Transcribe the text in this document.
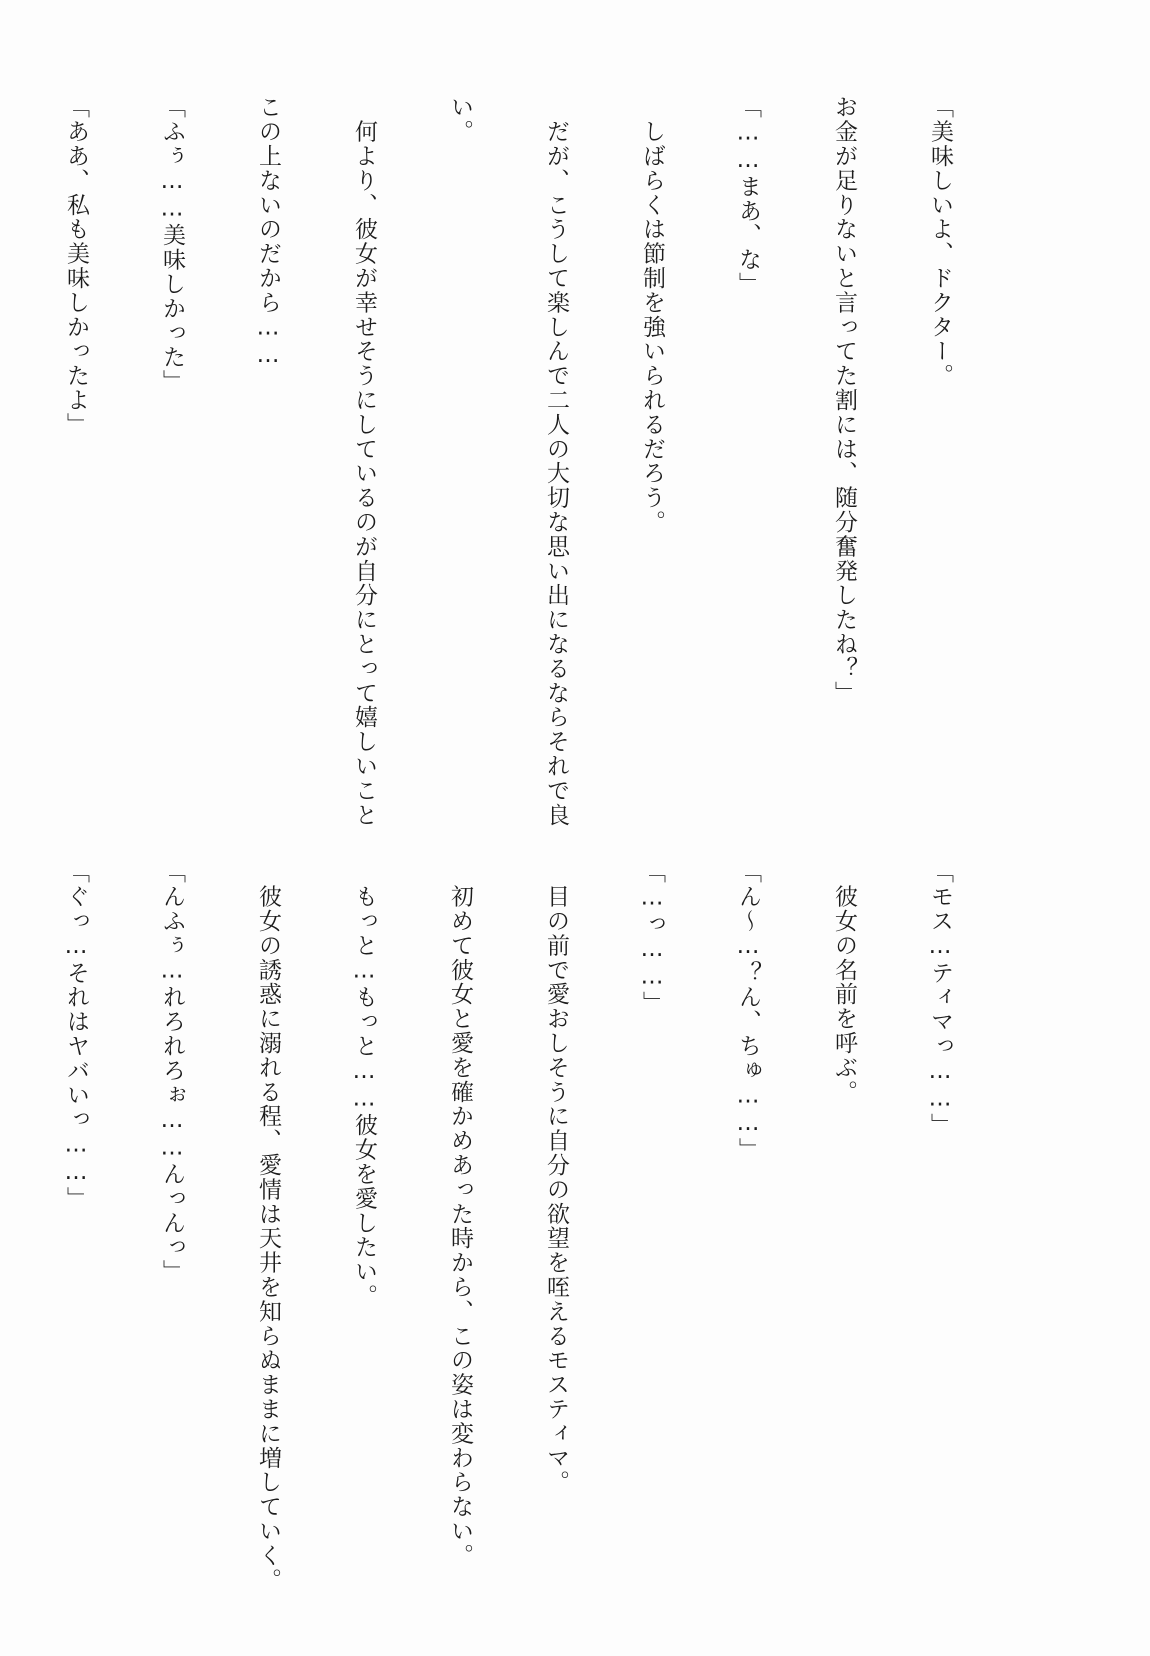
「美味しいよ、ドクター。

お金が足りないと言ってた割には、随分奮発したね？」

「……まあ、な」

　しばらくは節制を強いられるだろう。

　だが、こうして楽しんで二人の大切な思い出になるならそれで良

い。

　何より、彼女が幸せそうにしているのが自分にとって嬉しいこと

この上ないのだから……

「ふぅ……美味しかった」

「ああ、私も美味しかったよ」

「モス…ティマっ……」

　彼女の名前を呼ぶ。

「ん～…？ん、ちゅ……」

「…っ……」

　目の前で愛おしそうに自分の欲望を咥えるモスティマ。

　初めて彼女と愛を確かめあった時から、この姿は変わらない。

　もっと…もっと……彼女を愛したい。

　彼女の誘惑に溺れる程、愛情は天井を知らぬままに増していく。

「んふぅ…れろれろぉ……んっんっ」

「ぐっ…それはヤバいっ……」
